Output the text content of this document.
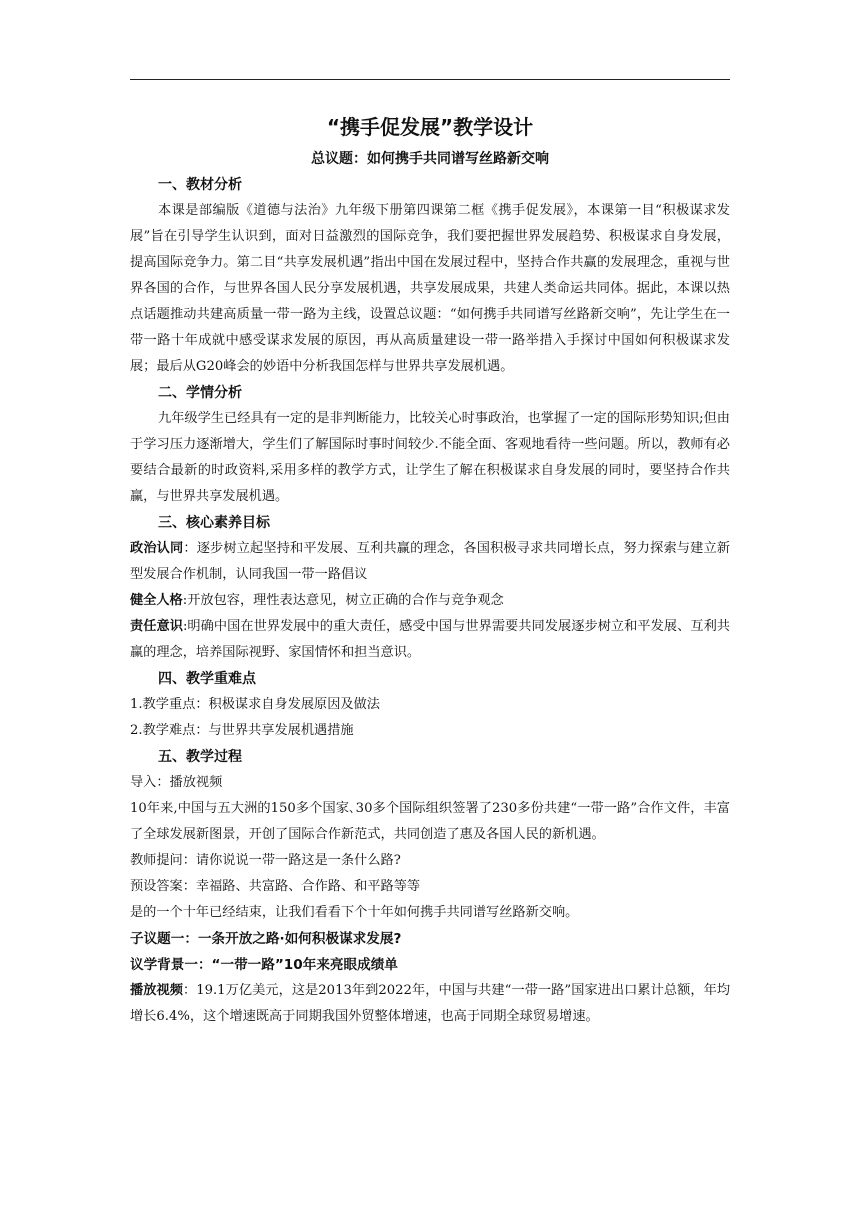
“携手促发展”教学设计
总议题：如何携手共同谱写丝路新交响
一、教材分析

本课是部编版《道德与法治》九年级下册第四课第二框《携手促发展》，本课第一目“积极谋求发展”旨在引导学生认识到，面对日益激烈的国际竞争，我们要把握世界发展趋势、积极谋求自身发展，提高国际竞争力。第二目“共享发展机遇”指出中国在发展过程中，坚持合作共赢的发展理念，重视与世界各国的合作，与世界各国人民分享发展机遇，共享发展成果，共建人类命运共同体。据此，本课以热点话题推动共建高质量一带一路为主线，设置总议题：“如何携手共同谱写丝路新交响”，先让学生在一带一路十年成就中感受谋求发展的原因，再从高质量建设一带一路举措入手探讨中国如何积极谋求发展；最后从G20峰会的妙语中分析我国怎样与世界共享发展机遇。

二、学情分析

九年级学生已经具有一定的是非判断能力，比较关心时事政治，也掌握了一定的国际形势知识;但由于学习压力逐渐增大，学生们了解国际时事时间较少.不能全面、客观地看待一些问题。所以，教师有必要结合最新的时政资料,采用多样的教学方式，让学生了解在积极谋求自身发展的同时，要坚持合作共赢，与世界共享发展机遇。

三、核心素养目标

政治认同：逐步树立起坚持和平发展、互利共赢的理念，各国积极寻求共同增长点，努力探索与建立新型发展合作机制，认同我国一带一路倡议

健全人格:开放包容，理性表达意见，树立正确的合作与竞争观念

责任意识:明确中国在世界发展中的重大责任，感受中国与世界需要共同发展逐步树立和平发展、互利共赢的理念，培养国际视野、家国情怀和担当意识。

四、教学重难点

1.教学重点：积极谋求自身发展原因及做法

2.教学难点：与世界共享发展机遇措施

五、教学过程

导入：播放视频

10年来,中国与五大洲的150多个国家､30多个国际组织签署了230多份共建“一带一路”合作文件，丰富了全球发展新图景，开创了国际合作新范式，共同创造了惠及各国人民的新机遇。

教师提问：请你说说一带一路这是一条什么路?

预设答案：幸福路、共富路、合作路、和平路等等

是的一个十年已经结束，让我们看看下个十年如何携手共同谱写丝路新交响。

子议题一：一条开放之路·如何积极谋求发展?

议学背景一：“一带一路”10年来亮眼成绩单

播放视频：19.1万亿美元，这是2013年到2022年，中国与共建“一带一路”国家进出口累计总额，年均增长6.4%，这个增速既高于同期我国外贸整体增速，也高于同期全球贸易增速。
